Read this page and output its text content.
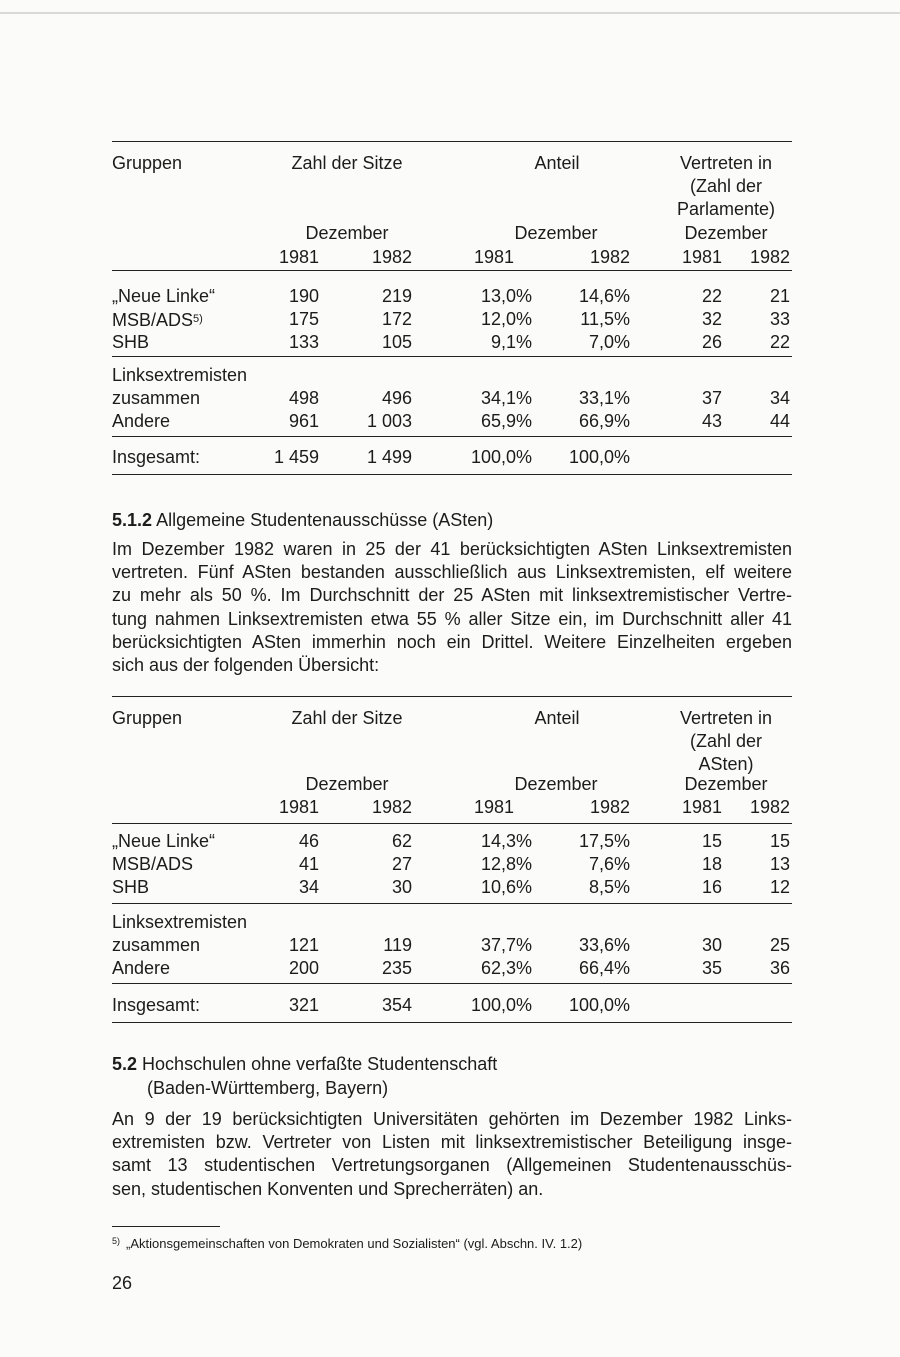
Gruppen	Zahl der Sitze	Anteil	Vertreten in
(Zahl der
Parlamente)
Dezember	Dezember	Dezember
1981	1982	1981	1982	1981 1982
„Neue Linke“	190	219	13,0%	14,6%	22	21
MSB/ADS$^{5)}$	175	172	12,0%	11,5%	32	33
SHB	133	105	9,1%	7,0%	26	22
Linksextremisten
zusammen	498	496	34,1%	33,1%	37	34
Andere	961	1 003	65,9%	66,9%	43	44
Insgesamt:	1 459	1 499	100,0% 100,0%
5.1.2 Allgemeine Studentenausschüsse (ASten)
Im Dezember 1982 waren in 25 der 41 berücksichtigten ASten Linksextremisten
vertreten. Fünf ASten bestanden ausschließlich aus Linksextremisten, elf weitere
zu mehr als 50 %. Im Durchschnitt der 25 ASten mit linksextremistischer Vertre-
tung nahmen Linksextremisten etwa 55 % aller Sitze ein, im Durchschnitt aller 41
berücksichtigten ASten immerhin noch ein Drittel. Weitere Einzelheiten ergeben
sich aus der folgenden Übersicht:
Gruppen	Zahl der Sitze	Anteil	Vertreten in
(Zahl der
ASten)
Dezember	Dezember	Dezember
1981	1982	1981	1982	1981 1982
„Neue Linke“	46	62	14,3%	17,5%	15	15
MSB/ADS	41	27	12,8%	7,6%	18	13
SHB	34	30	10,6%	8,5%	16	12
Linksextremisten
zusammen	121	119	37,7%	33,6%	30	25
Andere	200	235	62,3%	66,4%	35	36
Insgesamt:	321	354	100,0% 100,0%
5.2 Hochschulen ohne verfaßte Studentenschaft
(Baden-Württemberg, Bayern)
An 9 der 19 berücksichtigten Universitäten gehörten im Dezember 1982 Links-
extremisten bzw. Vertreter von Listen mit linksextremistischer Beteiligung insge-
samt 13 studentischen Vertretungsorganen (Allgemeinen Studentenausschüs-
sen, studentischen Konventen und Sprecherräten) an.
$^{5)}$ „Aktionsgemeinschaften von Demokraten und Sozialisten“ (vgl. Abschn. IV. 1.2)
26
